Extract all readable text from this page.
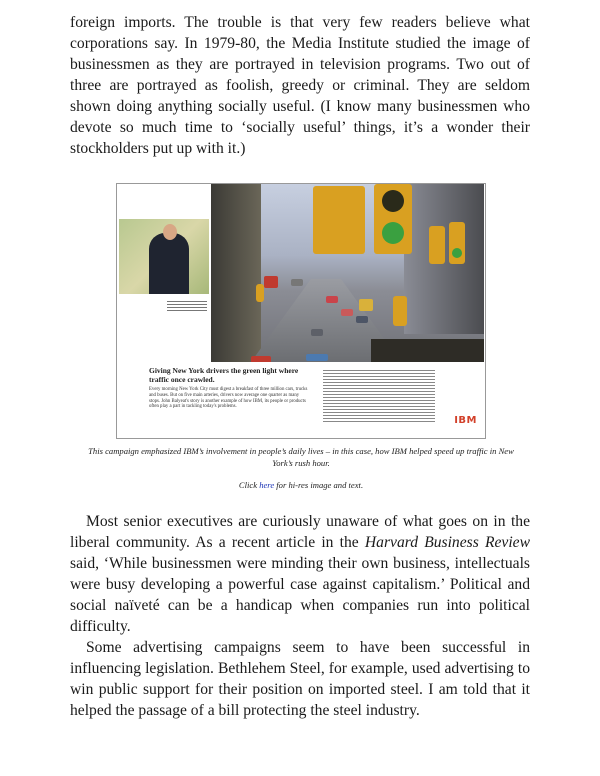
foreign imports. The trouble is that very few readers believe what corporations say. In 1979-80, the Media Institute studied the image of businessmen as they are portrayed in television programs. Two out of three are portrayed as foolish, greedy or criminal. They are seldom shown doing anything socially useful. (I know many businessmen who devote so much time to ‘socially useful’ things, it’s a wonder their stockholders put up with it.)

Giving New York drivers the green light where traffic once crawled.
Every morning New York City must digest a breakfast of three million cars, trucks and buses. But on five main arteries, drivers now average one quarter as many stops. John Balyeat's story is another example of how IBM, its people or products often play a part in tackling today's problems.
IBM
This campaign emphasized IBM’s involvement in people’s daily lives – in this case, how IBM helped speed up traffic in New York’s rush hour.
Click here for hi-res image and text.

Most senior executives are curiously unaware of what goes on in the liberal community. As a recent article in the Harvard Business Review said, ‘While businessmen were minding their own business, intellectuals were busy developing a powerful case against capitalism.’ Political and social naïveté can be a handicap when companies run into political difficulty.

Some advertising campaigns seem to have been successful in influencing legislation. Bethlehem Steel, for example, used advertising to win public support for their position on imported steel. I am told that it helped the passage of a bill protecting the steel industry.
